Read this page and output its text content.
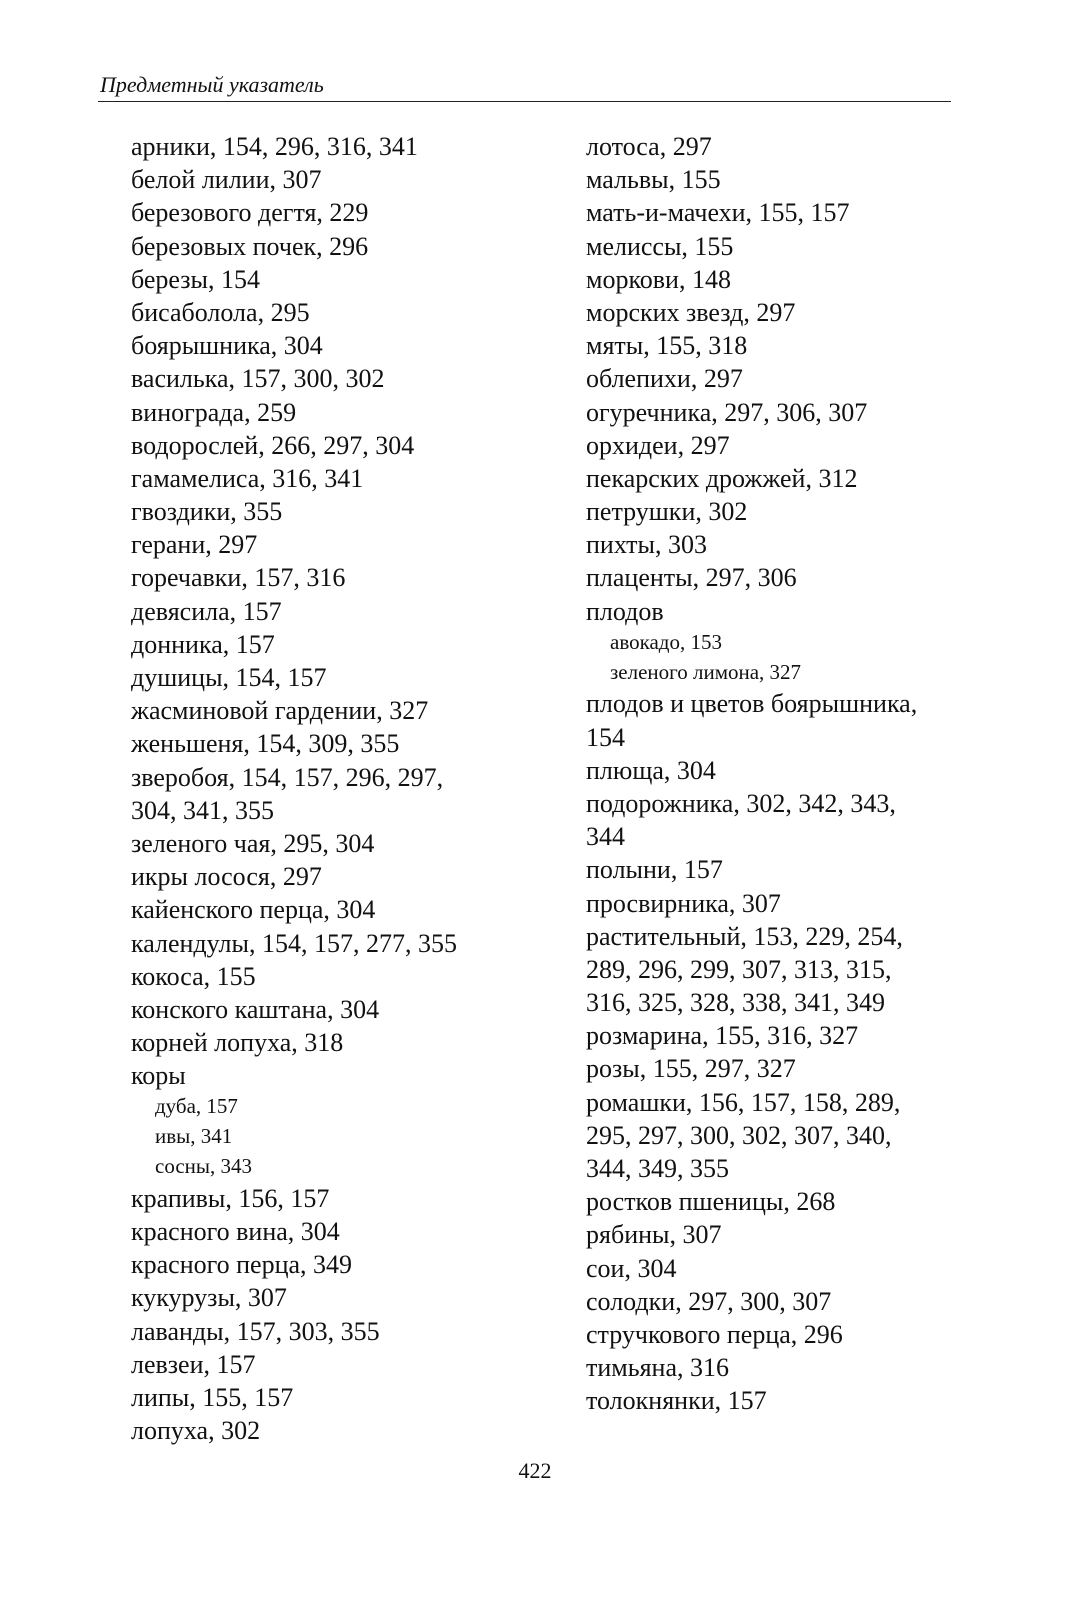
Предметный указатель
арники, 154, 296, 316, 341
белой лилии, 307
березового дегтя, 229
березовых почек, 296
березы, 154
бисаболола, 295
боярышника, 304
василька, 157, 300, 302
винограда, 259
водорослей, 266, 297, 304
гамамелиса, 316, 341
гвоздики, 355
герани, 297
горечавки, 157, 316
девясила, 157
донника, 157
душицы, 154, 157
жасминовой гардении, 327
женьшеня, 154, 309, 355
зверобоя, 154, 157, 296, 297,
304, 341, 355
зеленого чая, 295, 304
икры лосося, 297
кайенского перца, 304
календулы, 154, 157, 277, 355
кокоса, 155
конского каштана, 304
корней лопуха, 318
коры
дуба, 157
ивы, 341
сосны, 343
крапивы, 156, 157
красного вина, 304
красного перца, 349
кукурузы, 307
лаванды, 157, 303, 355
левзеи, 157
липы, 155, 157
лопуха, 302
лотоса, 297
мальвы, 155
мать-и-мачехи, 155, 157
мелиссы, 155
моркови, 148
морских звезд, 297
мяты, 155, 318
облепихи, 297
огуречника, 297, 306, 307
орхидеи, 297
пекарских дрожжей, 312
петрушки, 302
пихты, 303
плаценты, 297, 306
плодов
авокадо, 153
зеленого лимона, 327
плодов и цветов боярышника,
154
плюща, 304
подорожника, 302, 342, 343,
344
полыни, 157
просвирника, 307
растительный, 153, 229, 254,
289, 296, 299, 307, 313, 315,
316, 325, 328, 338, 341, 349
розмарина, 155, 316, 327
розы, 155, 297, 327
ромашки, 156, 157, 158, 289,
295, 297, 300, 302, 307, 340,
344, 349, 355
ростков пшеницы, 268
рябины, 307
сои, 304
солодки, 297, 300, 307
стручкового перца, 296
тимьяна, 316
толокнянки, 157
422
